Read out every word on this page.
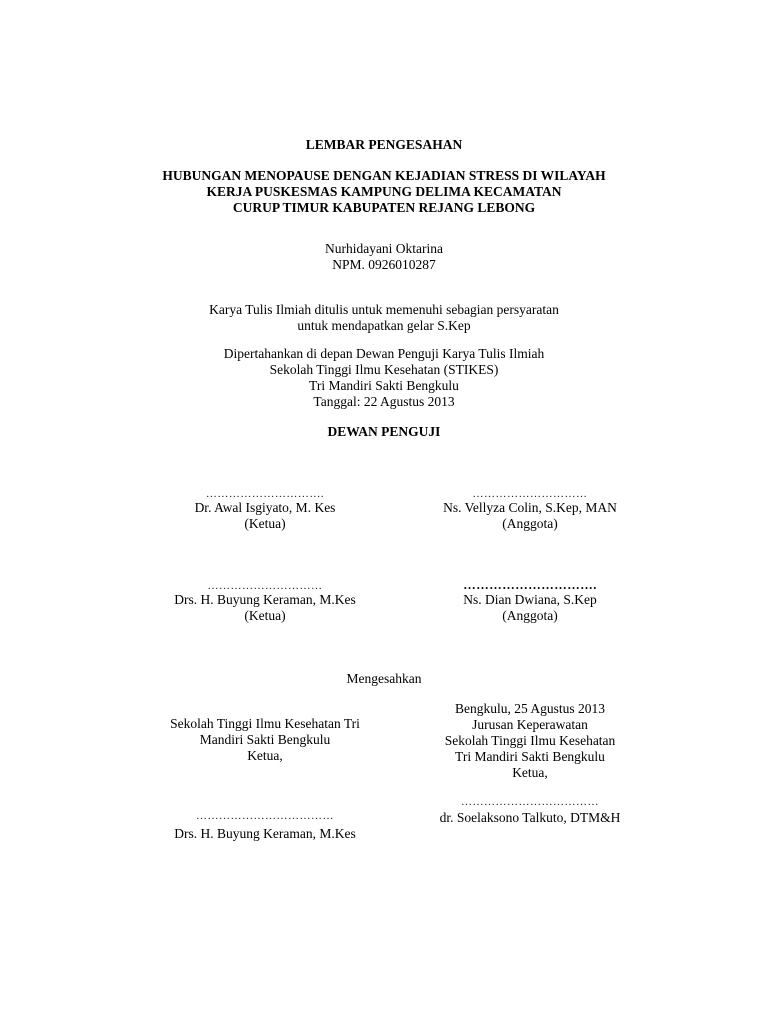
LEMBAR PENGESAHAN
HUBUNGAN MENOPAUSE DENGAN KEJADIAN STRESS DI WILAYAH
KERJA PUSKESMAS KAMPUNG DELIMA KECAMATAN
CURUP TIMUR KABUPATEN REJANG LEBONG
Nurhidayani Oktarina
NPM. 0926010287
Karya Tulis Ilmiah ditulis untuk memenuhi sebagian persyaratan
untuk mendapatkan gelar S.Kep
Dipertahankan di depan Dewan Penguji Karya Tulis Ilmiah
Sekolah Tinggi Ilmu Kesehatan (STIKES)
Tri Mandiri Sakti Bengkulu
Tanggal: 22 Agustus 2013
DEWAN PENGUJI
………………………….
Dr. Awal Isgiyato, M. Kes
(Ketua)
…………………………
Ns. Vellyza Colin, S.Kep, MAN
(Anggota)
…………………………
Drs. H. Buyung Keraman, M.Kes
(Ketua)
………………………….
Ns. Dian Dwiana, S.Kep
(Anggota)
Mengesahkan
Sekolah Tinggi Ilmu Kesehatan Tri
Mandiri Sakti Bengkulu
Ketua,
………………………………
Drs. H. Buyung Keraman, M.Kes
Bengkulu, 25 Agustus 2013
Jurusan Keperawatan
Sekolah Tinggi Ilmu Kesehatan
Tri Mandiri Sakti Bengkulu
Ketua,
………………………………
dr. Soelaksono Talkuto, DTM&H
